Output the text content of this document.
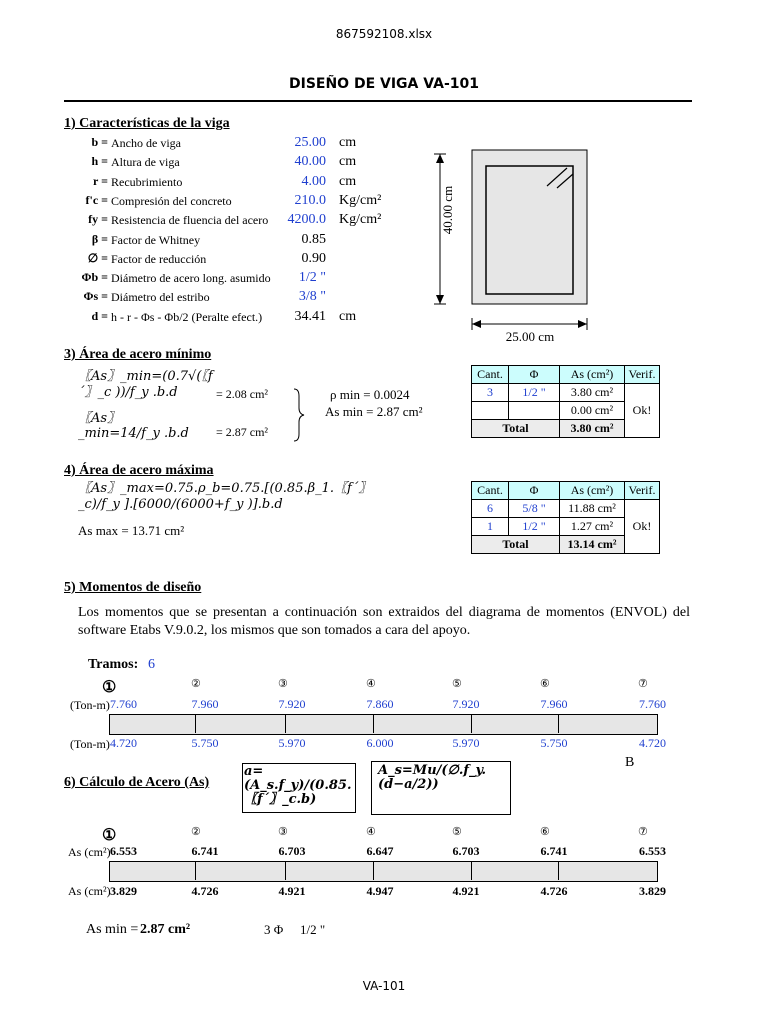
867592108.xlsx
DISEÑO DE VIGA VA-101
1) Características de la viga
b = Ancho de viga	25.00 cm
h = Altura de viga	40.00 cm
r = Recubrimiento	4.00 cm
f'c = Compresión del concreto	210.0 Kg/cm²
fy = Resistencia de fluencia del acero	4200.0 Kg/cm²
β = Factor de Whitney	0.85
∅ = Factor de reducción	0.90
Φb = Diámetro de acero long. asumido	1/2 "
Φs = Diámetro del estribo	3/8 "
d = h - r - Φs - Φb/2 (Peralte efect.)	34.41 cm
40.00 cm
25.00 cm
3) Área de acero mínimo
〖As〗_min=(0.7√(〖f´〗_c ))/f_y .b.d	= 2.08 cm²
〖As〗_min=14/f_y .b.d	= 2.87 cm²
ρ min = 0.0024
As min = 2.87 cm²
Cant.	Φ	As (cm²)	Verif.
3	1/2 "	3.80 cm²	Ok!
		0.00 cm²	
Total		3.80 cm²	
4) Área de acero máxima
〖As〗_max=0.75.ρ_b=0.75.[(0.85.β_1.〖f´〗_c)/f_y ].[6000/(6000+f_y )].b.d
As max = 13.71 cm²
Cant.	Φ	As (cm²)	Verif.
6	5/8 "	11.88 cm²	Ok!
1	1/2 "	1.27 cm²	
Total		13.14 cm²	
5) Momentos de diseño
Los momentos que se presentan a continuación son extraidos del diagrama de momentos (ENVOL) del software Etabs V.9.0.2, los mismos que son tomados a cara del apoyo.
Tramos: 6
①	②	③	④	⑤	⑥	⑦
(Ton-m) 7.760	7.960	7.920	7.860	7.920	7.960	7.760
(Ton-m) 4.720	5.750	5.970	6.000	5.970	5.750	4.720
B
6) Cálculo de Acero (As)
a=(A_s.f_y)/(0.85.〖f´〗_c.b)
A_s=Mu/(∅.f_y.(d−a/2))
①	②	③	④	⑤	⑥	⑦
As (cm²) 6.553	6.741	6.703	6.647	6.703	6.741	6.553
As (cm²) 3.829	4.726	4.921	4.947	4.921	4.726	3.829
As min = 2.87 cm²	3 Φ 1/2 "
VA-101
